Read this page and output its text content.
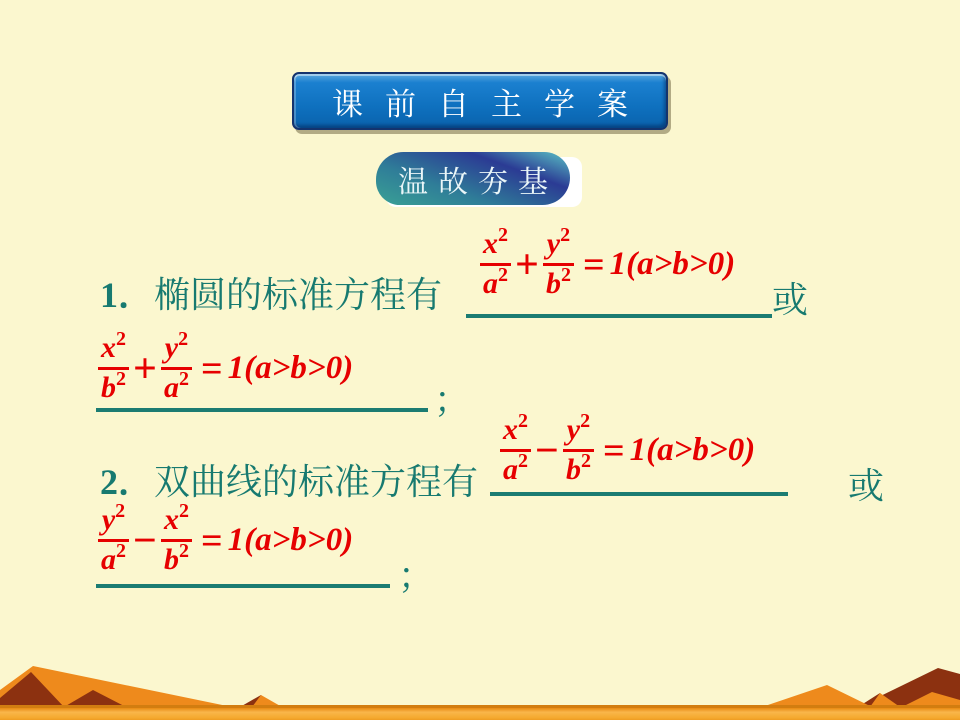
课前自主学案
温故夯基
1．椭圆的标准方程有 $\frac{x 2}{a 2} + \frac{y 2}{b 2} = 1(a>b>0)$
或
$\frac{x 2}{b 2} + \frac{y 2}{a 2} = 1(a>b>0)$
；
2．双曲线的标准方程有 $\frac{x 2}{a 2} - \frac{y 2}{b 2} = 1(a>b>0)$
或
$\frac{y 2}{a 2} - \frac{x 2}{b 2} = 1(a>b>0)$
；
